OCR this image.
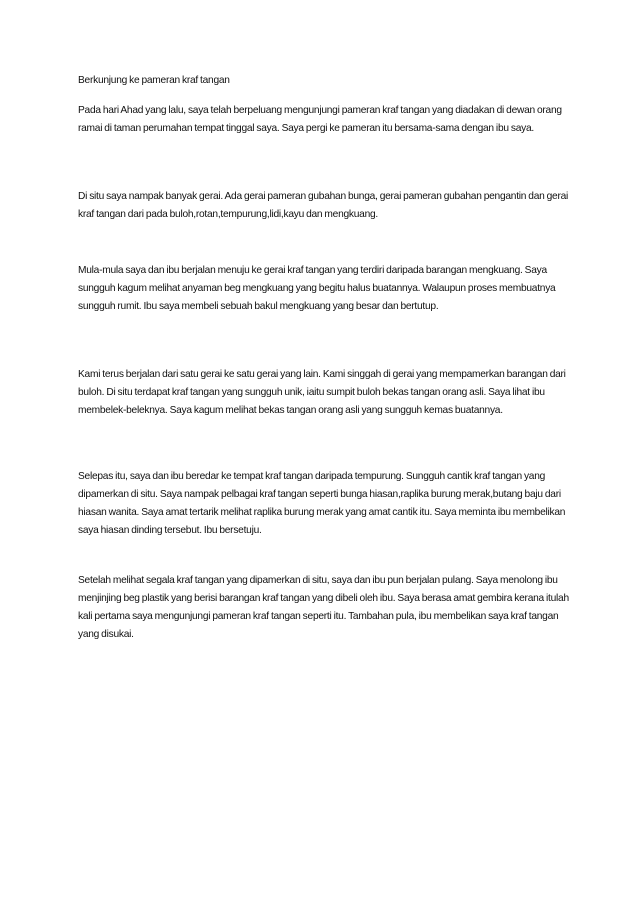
Berkunjung ke pameran kraf tangan

Pada hari Ahad yang lalu, saya telah berpeluang mengunjungi pameran kraf tangan yang diadakan di dewan orang ramai di taman perumahan tempat tinggal saya. Saya pergi ke pameran itu bersama-sama dengan ibu saya.

Di situ saya nampak banyak gerai. Ada gerai pameran gubahan bunga, gerai pameran gubahan pengantin dan gerai kraf tangan dari pada buloh,rotan,tempurung,lidi,kayu dan mengkuang.

Mula-mula saya dan ibu berjalan menuju ke gerai kraf tangan yang terdiri daripada barangan mengkuang. Saya sungguh kagum melihat anyaman beg mengkuang yang begitu halus buatannya. Walaupun proses membuatnya sungguh rumit. Ibu saya membeli sebuah bakul mengkuang yang besar dan bertutup.

Kami terus berjalan dari satu gerai ke satu gerai yang lain. Kami singgah di gerai yang mempamerkan barangan dari buloh. Di situ terdapat kraf tangan yang sungguh unik, iaitu sumpit buloh bekas tangan orang asli. Saya lihat ibu membelek-beleknya. Saya kagum melihat bekas tangan orang asli yang sungguh kemas buatannya.

Selepas itu, saya dan ibu beredar ke tempat kraf tangan daripada tempurung. Sungguh cantik kraf tangan yang dipamerkan di situ. Saya nampak pelbagai kraf tangan seperti bunga hiasan,raplika burung merak,butang baju dari hiasan wanita. Saya amat tertarik melihat raplika burung merak yang amat cantik itu. Saya meminta ibu membelikan saya hiasan dinding tersebut. Ibu bersetuju.

Setelah melihat segala kraf tangan yang dipamerkan di situ, saya dan ibu pun berjalan pulang. Saya menolong ibu menjinjing beg plastik yang berisi barangan kraf tangan yang dibeli oleh ibu. Saya berasa amat gembira kerana itulah kali pertama saya mengunjungi pameran kraf tangan seperti itu. Tambahan pula, ibu membelikan saya kraf tangan yang disukai.
